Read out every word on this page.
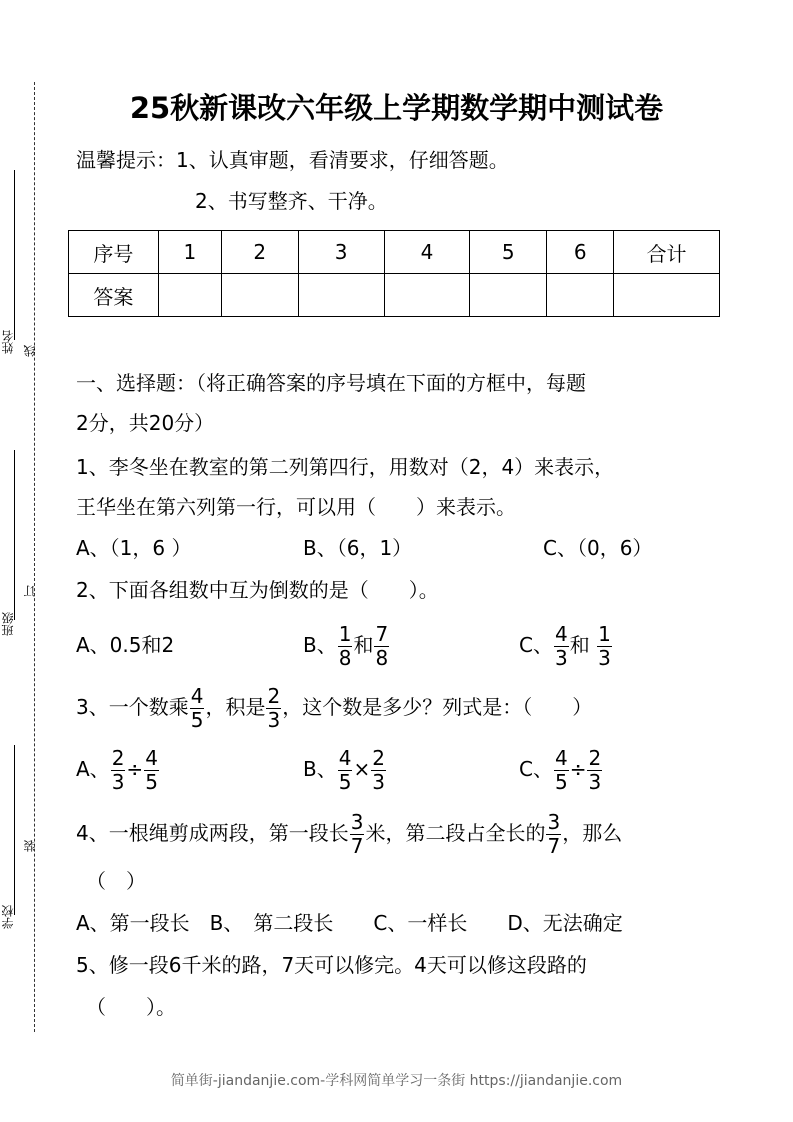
姓名 线
班级
订
学校
装
25秋新课改六年级上学期数学期中测试卷
温馨提示：1、认真审题，看清要求，仔细答题。
2、书写整齐、干净。
序号	1	2	3	4	5	6	合计
答案							
一、选择题：（将正确答案的序号填在下面的方框中，每题
2分，共20分）
1、李冬坐在教室的第二列第四行，用数对（2，4）来表示，
王华坐在第六列第一行，可以用（　　）来表示。
A、（1，6 ）	B、（6，1）	C、（0，6）
2、下面各组数中互为倒数的是（　　）。
A、0.5和2	B、 $\frac{1}{8}$ 和 $\frac{7}{8}$	C、 $\frac{4}{3}$ 和 $\frac{1}{3}$
3、一个数乘 $\frac{4}{5}$ ，积是 $\frac{2}{3}$ ，这个数是多少？列式是：（　　）
A、 $\frac{2}{3} \div \frac{4}{5}$	B、 $\frac{4}{5} \times \frac{2}{3}$	C、 $\frac{4}{5} \div \frac{2}{3}$
4、一根绳剪成两段，第一段长 $\frac{3}{7}$ 米，第二段占全长的 $\frac{3}{7}$ ，那么
（　）
A、第一段长　B、　第二段长　　C、一样长　　D、无法确定
5、修一段6千米的路，7天可以修完。4天可以修这段路的
（　　）。
简单街-jiandanjie.com-学科网简单学习一条街 https://jiandanjie.com
